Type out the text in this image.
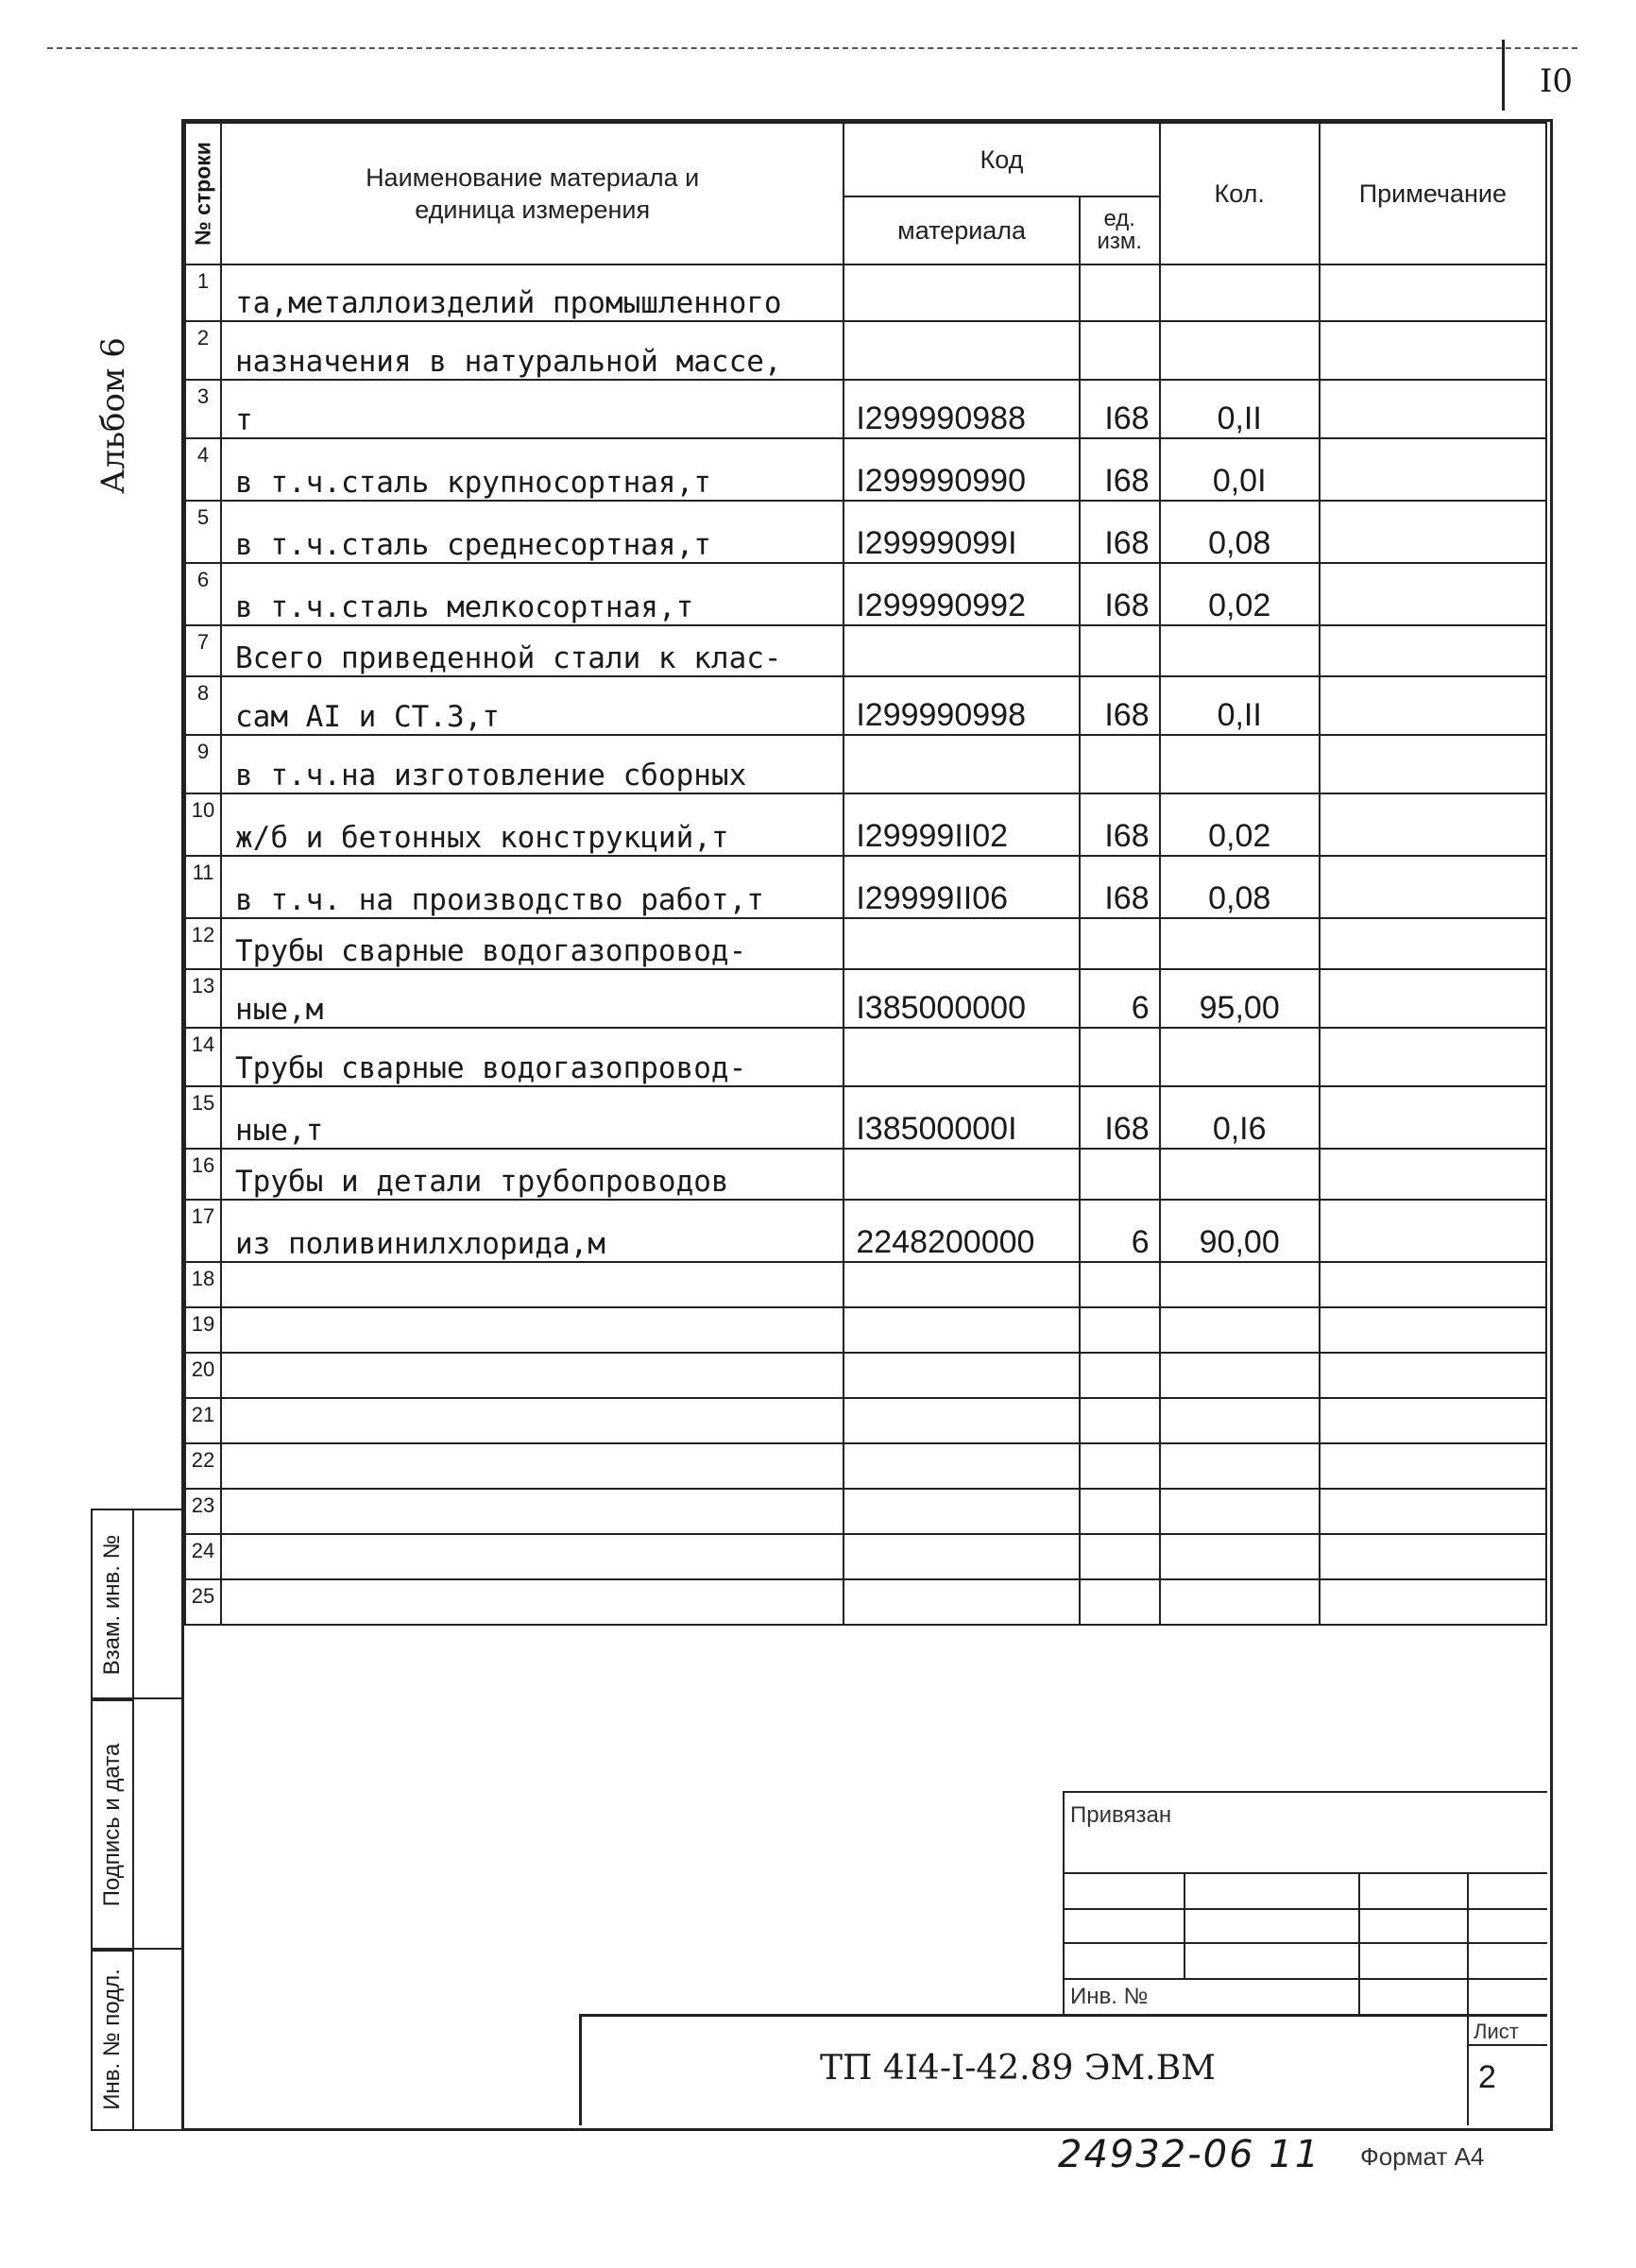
I0
Альбом 6
№ строки	Наименование материала и единица измерения	Код		Кол.	Примечание
		материала	ед. изм.		

1	та,металлоизделий промышленного				
2	назначения в натуральной массе,				
3	т	I299990988	I68	0,II	
4	в т.ч.сталь крупносортная,т	I299990990	I68	0,0I	
5	в т.ч.сталь среднесортная,т	I29999099I	I68	0,08	
6	в т.ч.сталь мелкосортная,т	I299990992	I68	0,02	
7	Всего приведенной стали к клас-				
8	сам АI и СТ.3,т	I299990998	I68	0,II	
9	в т.ч.на изготовление сборных				
10	ж/б и бетонных конструкций,т	I29999II02	I68	0,02	
11	в т.ч. на производство работ,т	I29999II06	I68	0,08	
12	Трубы сварные водогазопровод-				
13	ные,м	I385000000	6	95,00	
14	Трубы сварные водогазопровод-				
15	ные,т	I38500000I	I68	0,I6	
16	Трубы и детали трубопроводов				
17	из поливинилхлорида,м	2248200000	6	90,00	
18					
19					
20					
21					
22					
23					
24					
25					
Взам. инв. №
Подпись и дата
Инв. № подл.
Привязан
Инв. №
ТП 4I4-I-42.89 ЭМ.ВМ
Лист
2
24932-06 11 Формат А4
